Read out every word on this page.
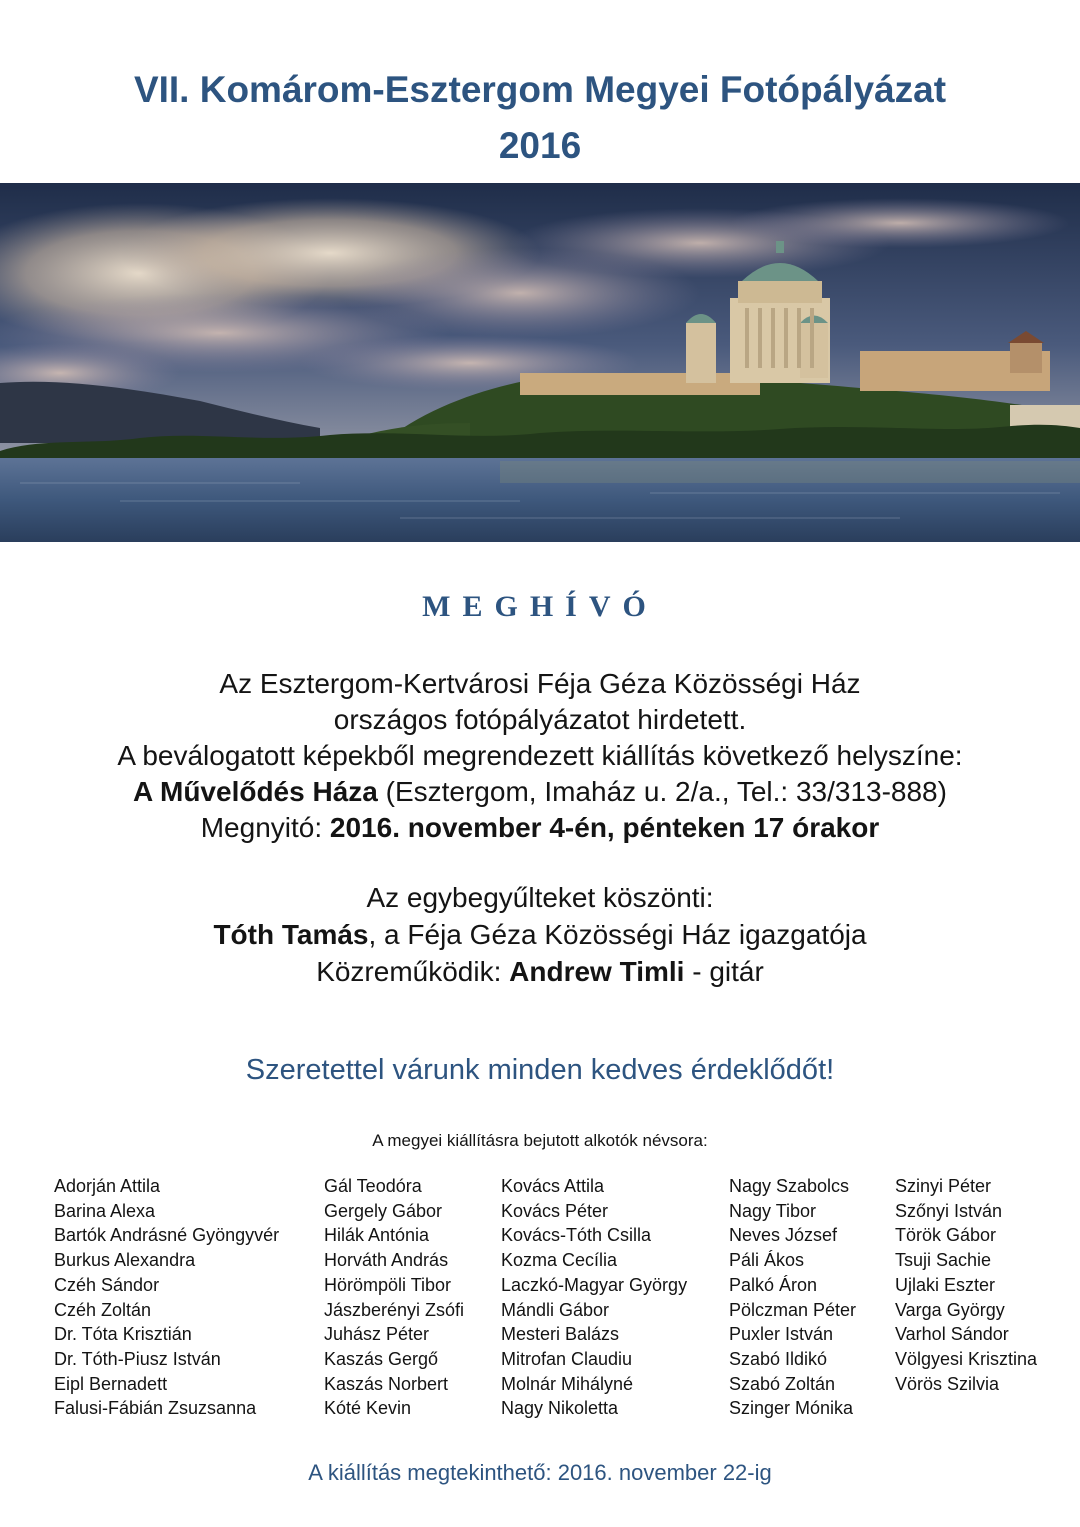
VII. Komárom-Esztergom Megyei Fotópályázat
2016
MEGHÍVÓ
Az Esztergom-Kertvárosi Féja Géza Közösségi Ház
országos fotópályázatot hirdetett.
A beválogatott képekből megrendezett kiállítás következő helyszíne:
A Művelődés Háza (Esztergom, Imaház u. 2/a., Tel.: 33/313-888)
Megnyitó: 2016. november 4-én, pénteken 17 órakor
Az egybegyűlteket köszönti:
Tóth Tamás, a Féja Géza Közösségi Ház igazgatója
Közreműködik: Andrew Timli - gitár
Szeretettel várunk minden kedves érdeklődőt!
A megyei kiállításra bejutott alkotók névsora:
Adorján Attila
Barina Alexa
Bartók Andrásné Gyöngyvér
Burkus Alexandra
Czéh Sándor
Czéh Zoltán
Dr. Tóta Krisztián
Dr. Tóth-Piusz István
Eipl Bernadett
Falusi-Fábián Zsuzsanna
Gál Teodóra
Gergely Gábor
Hilák Antónia
Horváth András
Hörömpöli Tibor
Jászberényi Zsófi
Juhász Péter
Kaszás Gergő
Kaszás Norbert
Kóté Kevin
Kovács Attila
Kovács Péter
Kovács-Tóth Csilla
Kozma Cecília
Laczkó-Magyar György
Mándli Gábor
Mesteri Balázs
Mitrofan Claudiu
Molnár Mihályné
Nagy Nikoletta
Nagy Szabolcs
Nagy Tibor
Neves József
Páli Ákos
Palkó Áron
Pölczman Péter
Puxler István
Szabó Ildikó
Szabó Zoltán
Szinger Mónika
Szinyi Péter
Szőnyi István
Török Gábor
Tsuji Sachie
Ujlaki Eszter
Varga György
Varhol Sándor
Völgyesi Krisztina
Vörös Szilvia
A kiállítás megtekinthető: 2016. november 22-ig
